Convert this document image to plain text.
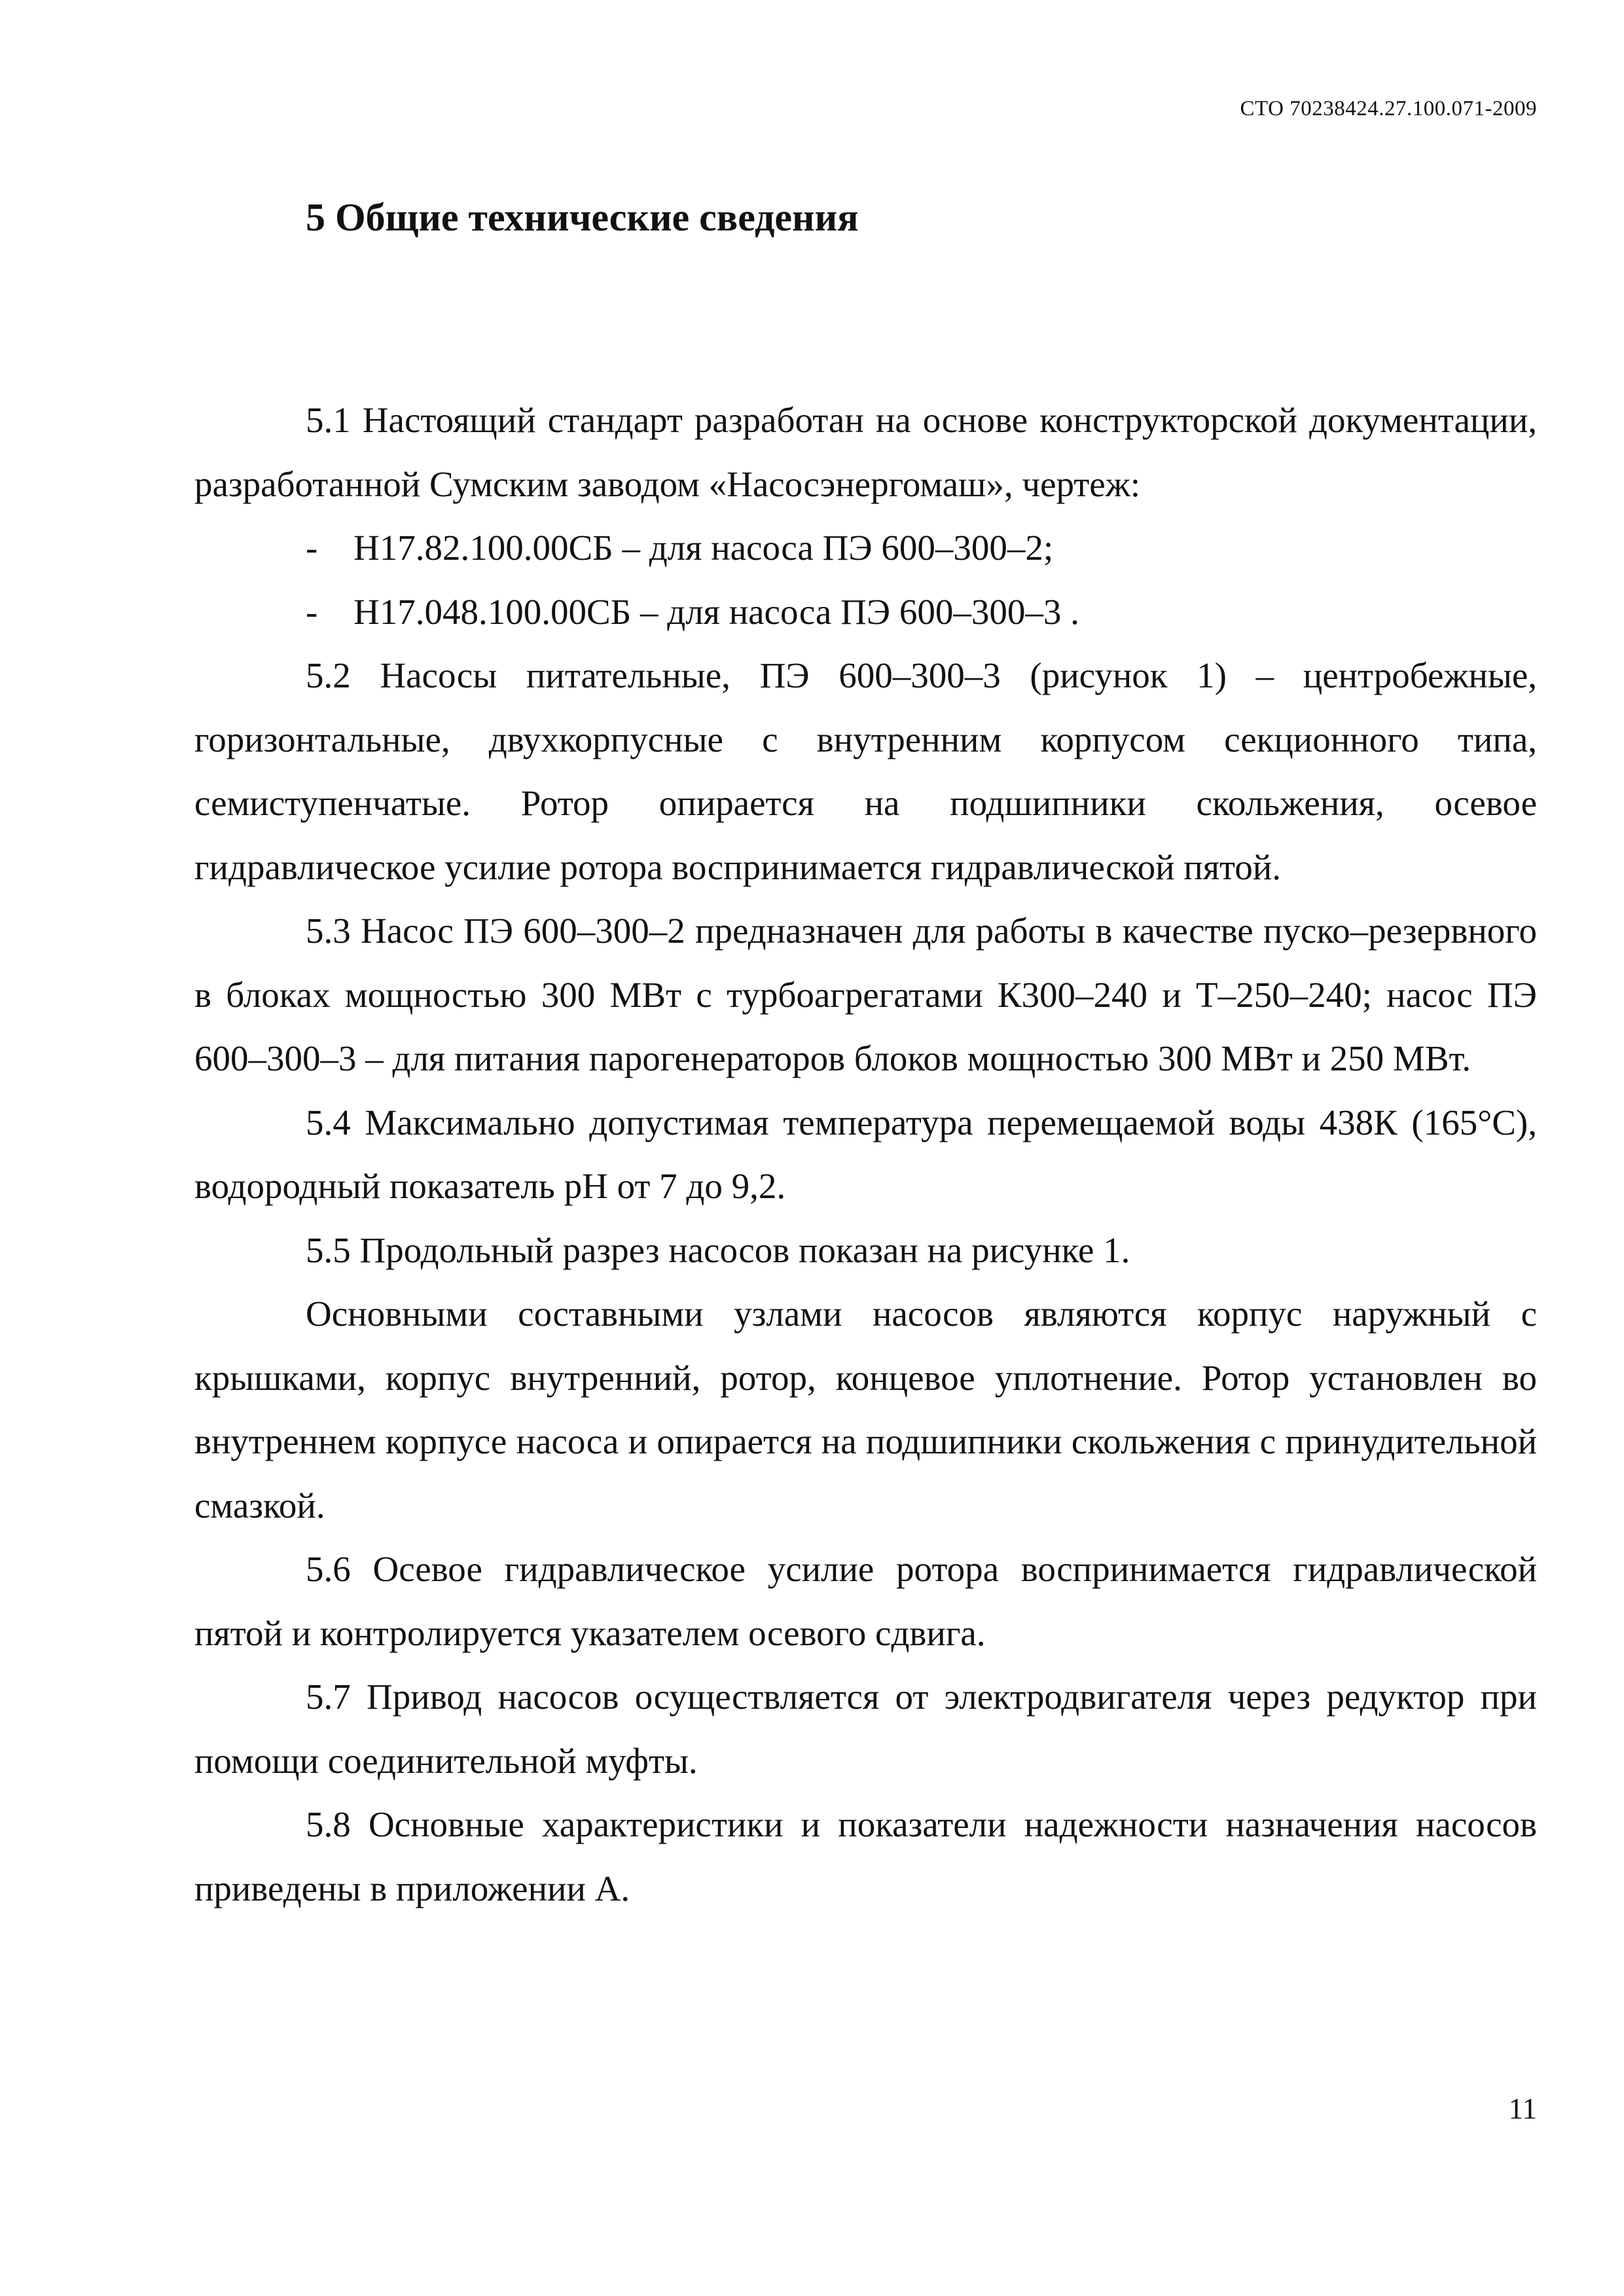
СТО 70238424.27.100.071-2009
5 Общие технические сведения

5.1 Настоящий стандарт разработан на основе конструкторской документации, разработанной Сумским заводом «Насосэнергомаш», чертеж:

- Н17.82.100.00СБ – для насоса ПЭ 600–300–2;

- Н17.048.100.00СБ – для насоса ПЭ 600–300–3 .

5.2 Насосы питательные, ПЭ 600–300–3 (рисунок 1) – центробежные, горизонтальные, двухкорпусные с внутренним корпусом секционного типа, семиступенчатые. Ротор опирается на подшипники скольжения, осевое гидравлическое усилие ротора воспринимается гидравлической пятой.

5.3 Насос ПЭ 600–300–2 предназначен для работы в качестве пуско–резервного в блоках мощностью 300 МВт с турбоагрегатами К300–240 и Т–250–240; насос ПЭ 600–300–3 – для питания парогенераторов блоков мощностью 300 МВт и 250 МВт.

5.4 Максимально допустимая температура перемещаемой воды 438К (165°С), водородный показатель рН от 7 до 9,2.

5.5 Продольный разрез насосов показан на рисунке 1.

Основными составными узлами насосов являются корпус наружный с крышками, корпус внутренний, ротор, концевое уплотнение. Ротор установлен во внутреннем корпусе насоса и опирается на подшипники скольжения с принудительной смазкой.

5.6 Осевое гидравлическое усилие ротора воспринимается гидравлической пятой и контролируется указателем осевого сдвига.

5.7 Привод насосов осуществляется от электродвигателя через редуктор при помощи соединительной муфты.

5.8 Основные характеристики и показатели надежности назначения насосов приведены в приложении А.

11
